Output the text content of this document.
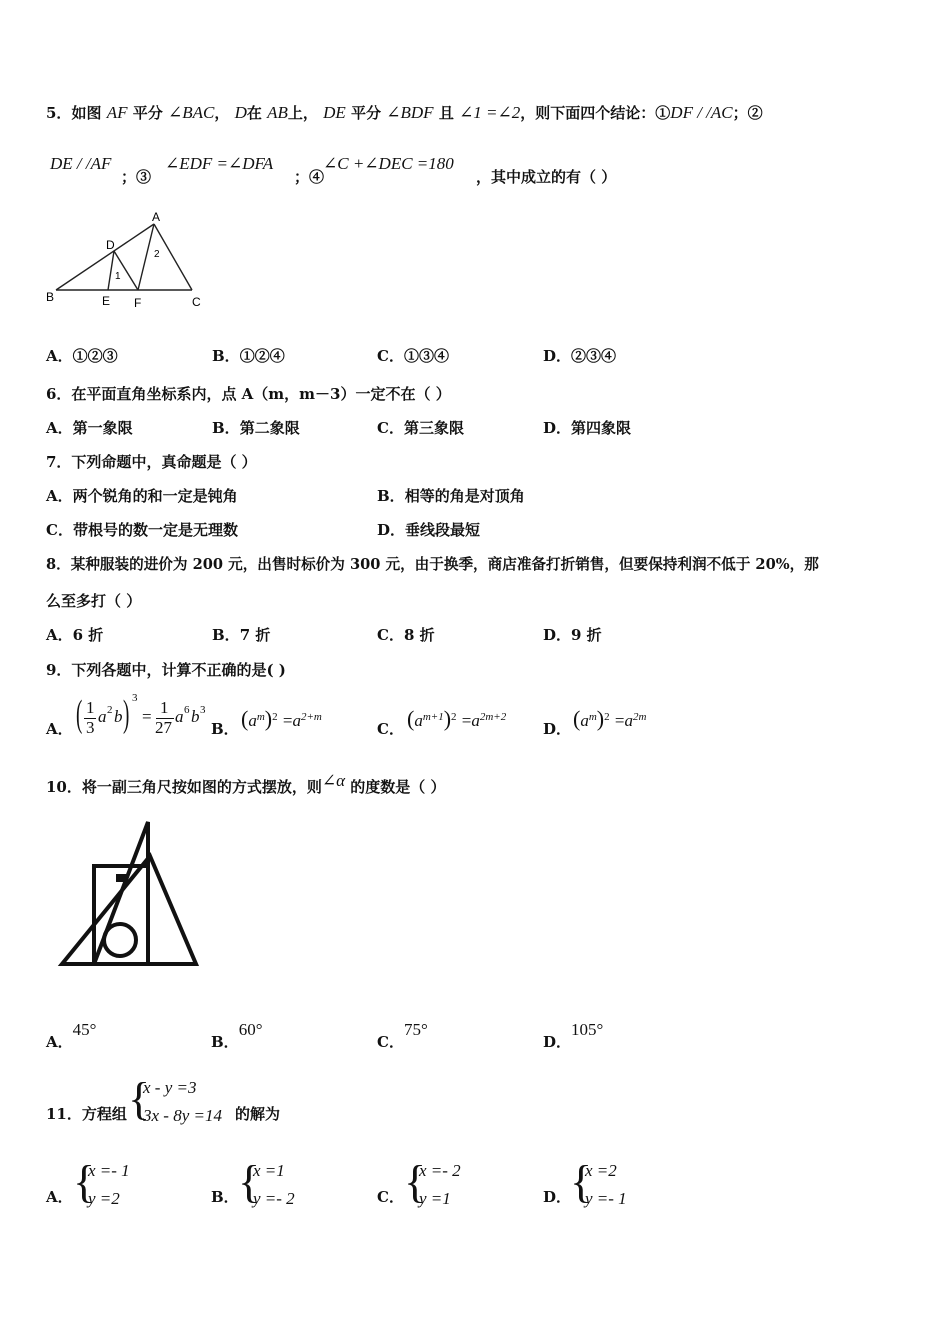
5．如图 AF 平分 ∠BAC， D在 AB上， DE 平分 ∠BDF 且 ∠1 =∠2，则下面四个结论：①DF / /AC；②
DE / /AF
；③
∠EDF =∠DFA
；④
∠C +∠DEC =180
，其中成立的有（ ）
A
B	C
D
E F
1
2
A．①②③	B．①②④	C．①③④	D．②③④
6．在平面直角坐标系内，点 A（m，m－3）一定不在（ ）
A．第一象限	B．第二象限	C．第三象限	D．第四象限
7．下列命题中，真命题是（ ）
A．两个锐角的和一定是钝角	B．相等的角是对顶角
C．带根号的数一定是无理数	D．垂线段最短
8．某种服装的进价为 200 元，出售时标价为 300 元，由于换季，商店准备打折销售，但要保持利润不低于 20%，那
么至多打（ ）
A．6 折	B．7 折	C．8 折	D．9 折
9．下列各题中，计算不正确的是( )
A． ( 1
3
a 2 b ) 3
= 1
27
a 6 b 3
B． $(a^m)^2 =a^{2+m}$
C． $(a^{m+1})^2 =a^{2m+2}$
D． $(a^m)^2 =a^{2m}$
10．将一副三角尺按如图的方式摆放，则∠α 的度数是（ ）
A．45°
B．60°
C．75°
D．105°
11．方程组 {
x - y =3
3x - 8y =14 的解为
A． {
x =- 1
y =2	B． {
x =1
y =- 2	C． {
x =- 2
y =1	D．
{
x =2
y =- 1
